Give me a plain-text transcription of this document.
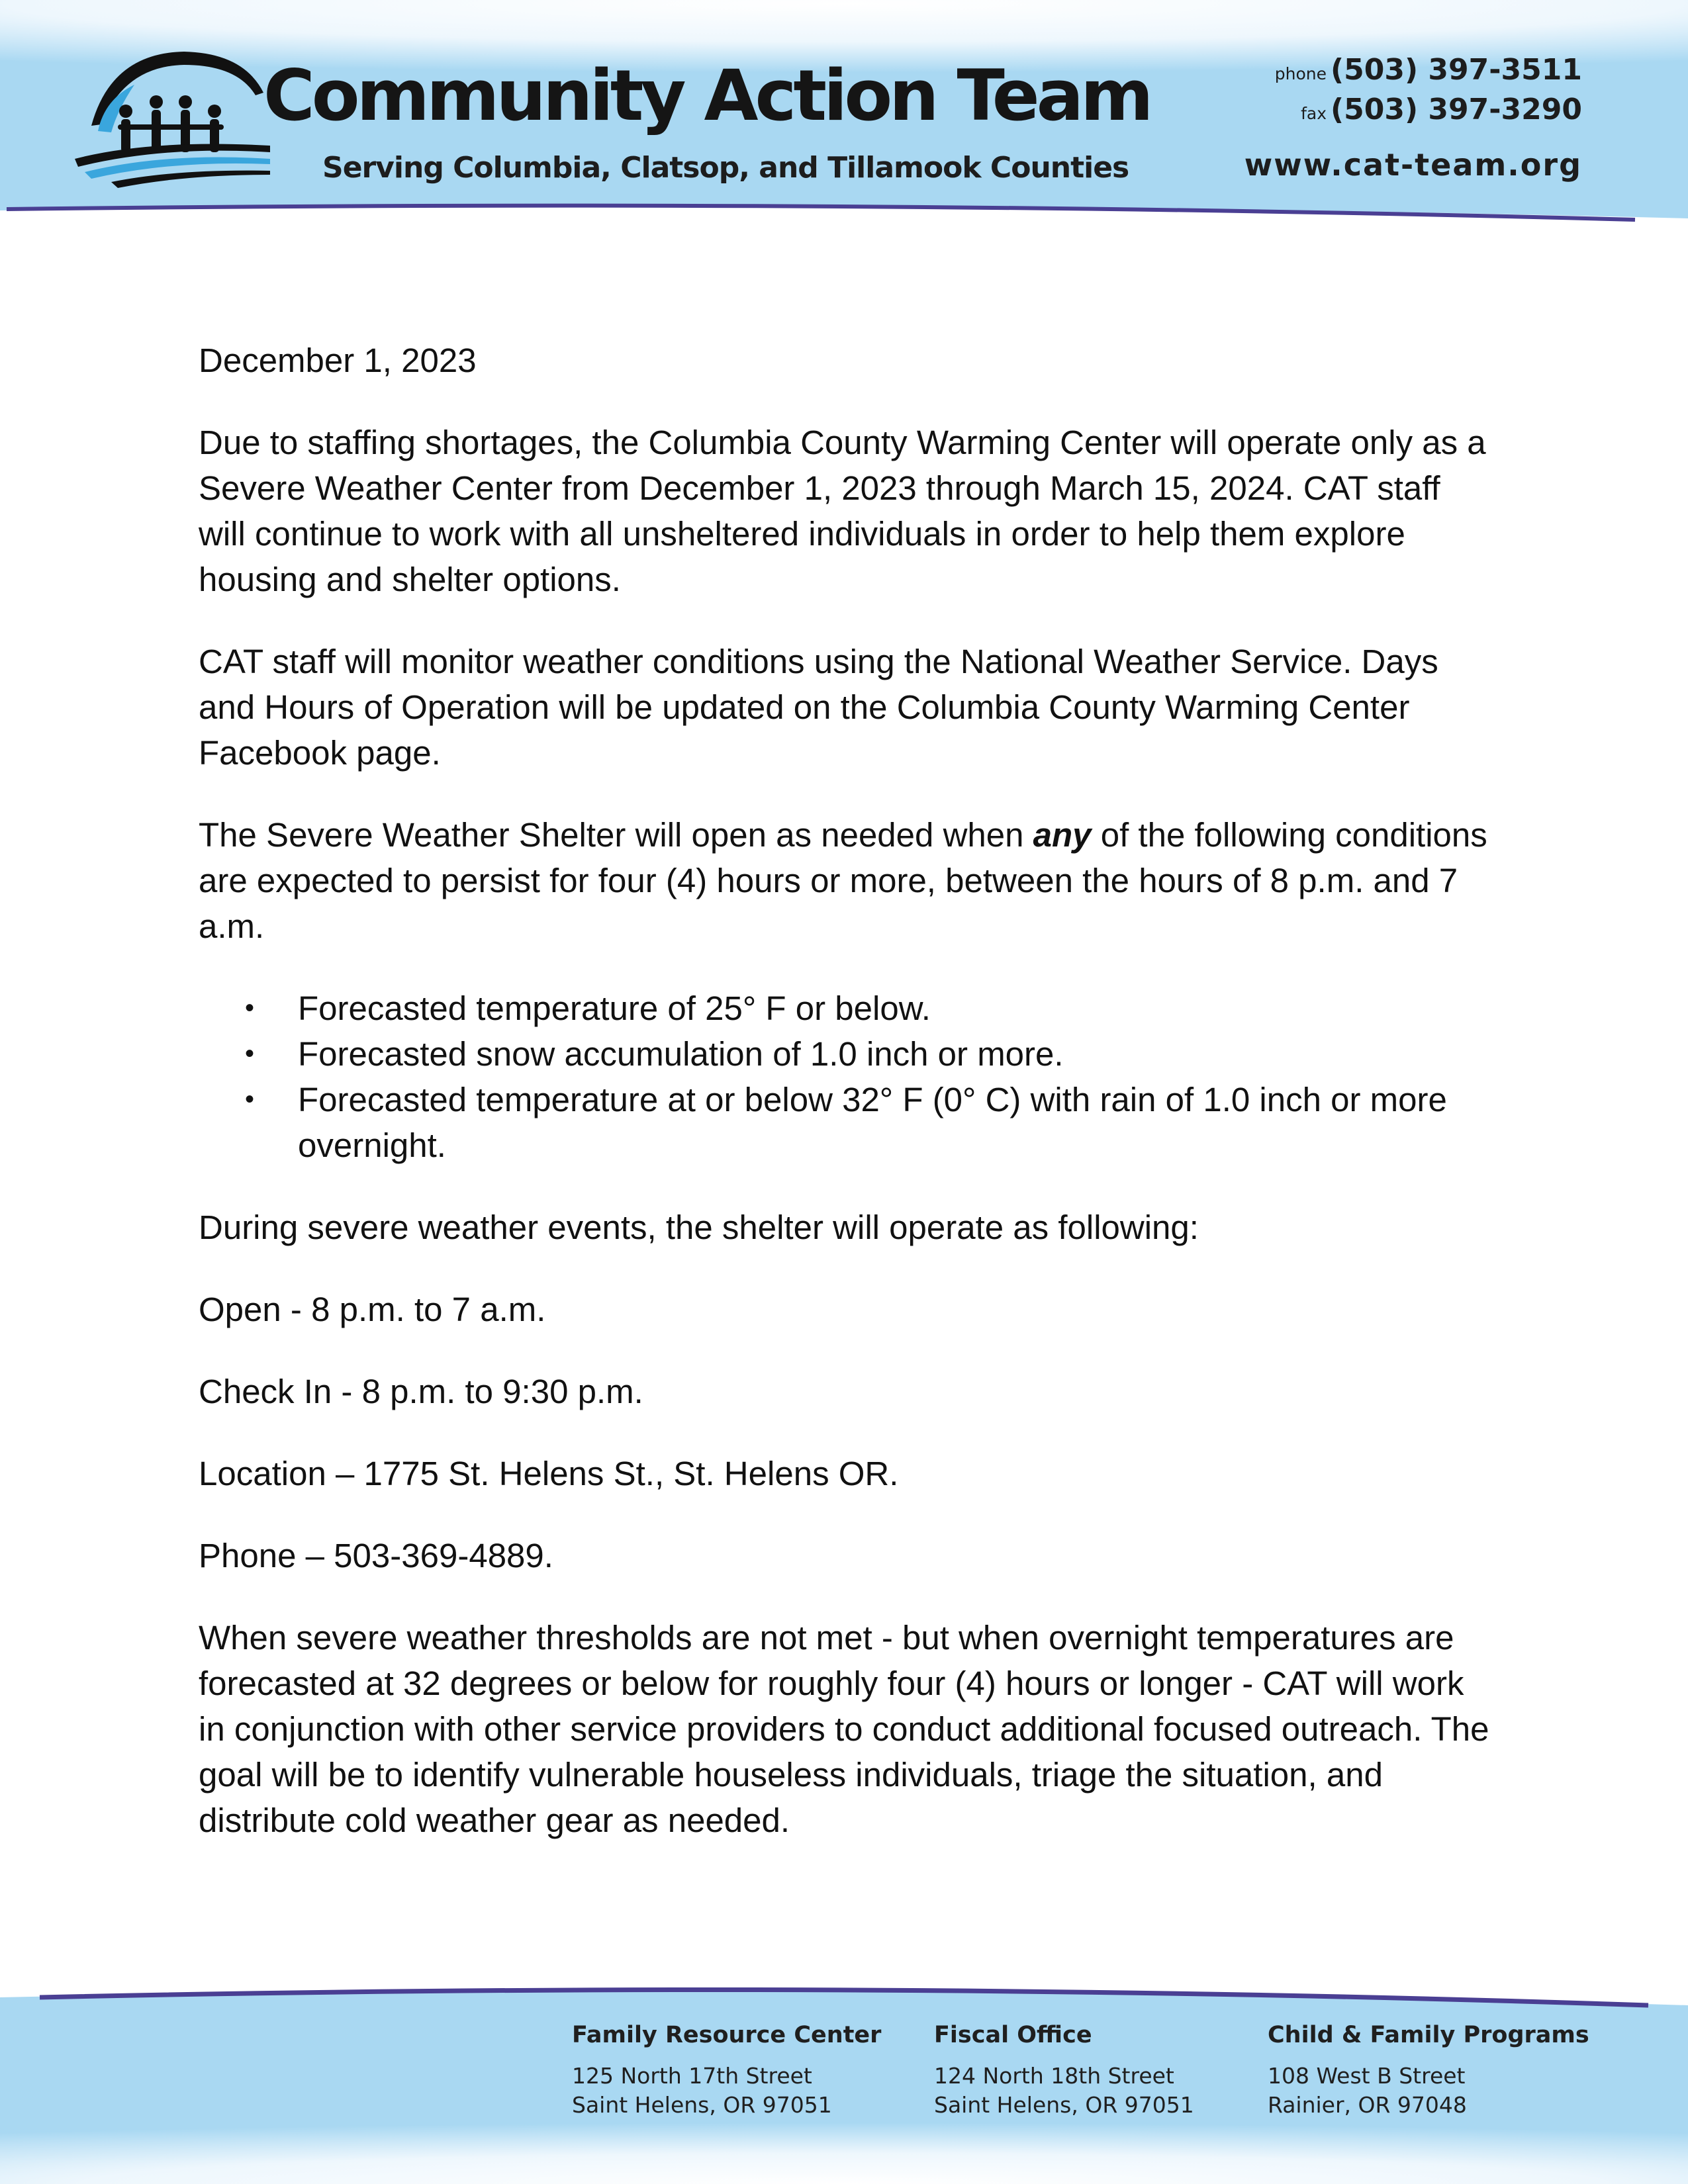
Community Action Team
Serving Columbia, Clatsop, and Tillamook Counties
phone (503) 397-3511
fax (503) 397-3290
www.cat-team.org

December 1, 2023

Due to staffing shortages, the Columbia County Warming Center will operate only as a Severe Weather Center from December 1, 2023 through March 15, 2024. CAT staff will continue to work with all unsheltered individuals in order to help them explore housing and shelter options.

CAT staff will monitor weather conditions using the National Weather Service. Days and Hours of Operation will be updated on the Columbia County Warming Center Facebook page.

The Severe Weather Shelter will open as needed when any of the following conditions are expected to persist for four (4) hours or more, between the hours of 8 p.m. and 7 a.m.

• Forecasted temperature of 25° F or below.
• Forecasted snow accumulation of 1.0 inch or more.
• Forecasted temperature at or below 32° F (0° C) with rain of 1.0 inch or more overnight.

During severe weather events, the shelter will operate as following:

Open - 8 p.m. to 7 a.m.

Check In - 8 p.m. to 9:30 p.m.

Location – 1775 St. Helens St., St. Helens OR.

Phone – 503-369-4889.

When severe weather thresholds are not met - but when overnight temperatures are forecasted at 32 degrees or below for roughly four (4) hours or longer - CAT will work in conjunction with other service providers to conduct additional focused outreach. The goal will be to identify vulnerable houseless individuals, triage the situation, and distribute cold weather gear as needed.

Family Resource Center
125 North 17th Street
Saint Helens, OR 97051
Fiscal Office
124 North 18th Street
Saint Helens, OR 97051
Child & Family Programs
108 West B Street
Rainier, OR 97048
